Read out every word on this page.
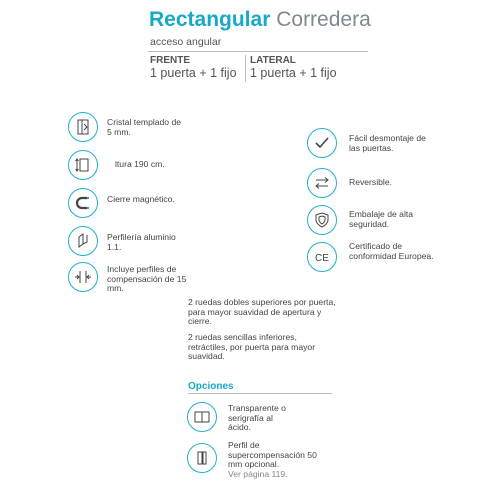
Rectangular Corredera
acceso angular
FRENTE
1 puerta + 1 fijo
LATERAL
1 puerta + 1 fijo
Cristal templado de 5 mm.
ltura 190 cm.
Cierre magnético.
Perfilería aluminio 1.1.
Incluye perfiles de compensación de 15 mm.
Fácil desmontaje de las puertas.
Reversible.
Embalaje de alta seguridad.
CE
Certificado de conformidad Europea.
2 ruedas dobles superiores por puerta, para mayor suavidad de apertura y cierre.
2 ruedas sencillas inferiores, retráctiles, por puerta para mayor suavidad.
Opciones
Transparente o serigrafía al ácido.
Perfil de supercompensación 50 mm opcional.
Ver página 119.
